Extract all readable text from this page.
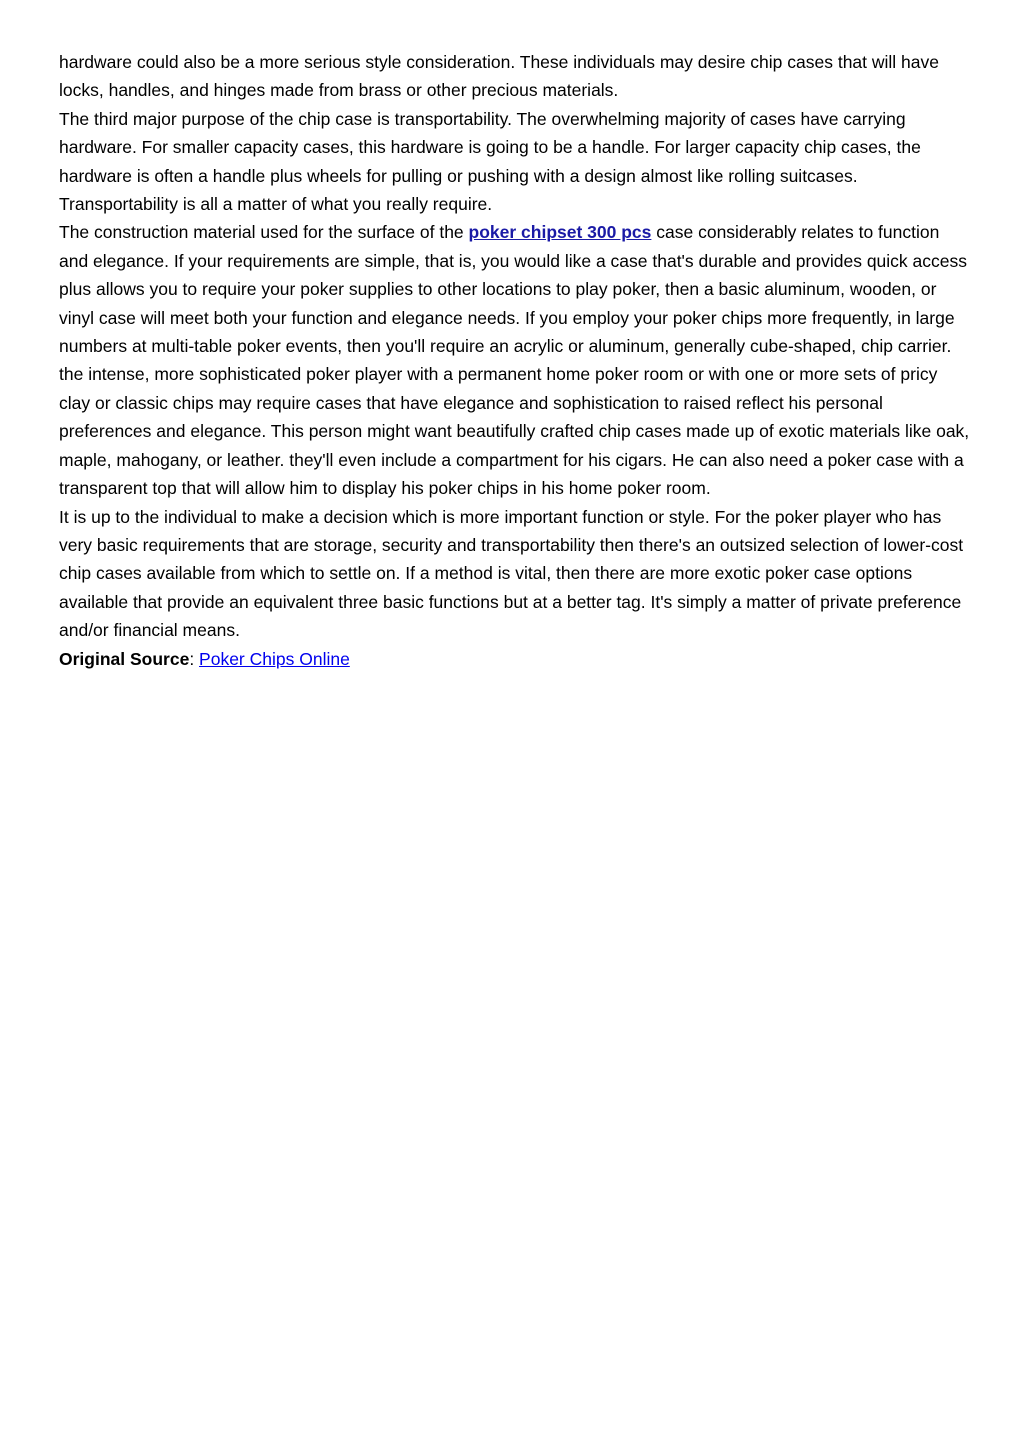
hardware could also be a more serious style consideration. These individuals may desire chip cases that will have locks, handles, and hinges made from brass or other precious materials.

The third major purpose of the chip case is transportability. The overwhelming majority of cases have carrying hardware. For smaller capacity cases, this hardware is going to be a handle. For larger capacity chip cases, the hardware is often a handle plus wheels for pulling or pushing with a design almost like rolling suitcases. Transportability is all a matter of what you really require.

The construction material used for the surface of the poker chipset 300 pcs case considerably relates to function and elegance. If your requirements are simple, that is, you would like a case that's durable and provides quick access plus allows you to require your poker supplies to other locations to play poker, then a basic aluminum, wooden, or vinyl case will meet both your function and elegance needs. If you employ your poker chips more frequently, in large numbers at multi-table poker events, then you'll require an acrylic or aluminum, generally cube-shaped, chip carrier. the intense, more sophisticated poker player with a permanent home poker room or with one or more sets of pricy clay or classic chips may require cases that have elegance and sophistication to raised reflect his personal preferences and elegance. This person might want beautifully crafted chip cases made up of exotic materials like oak, maple, mahogany, or leather. they'll even include a compartment for his cigars. He can also need a poker case with a transparent top that will allow him to display his poker chips in his home poker room.

It is up to the individual to make a decision which is more important function or style. For the poker player who has very basic requirements that are storage, security and transportability then there's an outsized selection of lower-cost chip cases available from which to settle on. If a method is vital, then there are more exotic poker case options available that provide an equivalent three basic functions but at a better tag. It's simply a matter of private preference and/or financial means.

Original Source: Poker Chips Online
